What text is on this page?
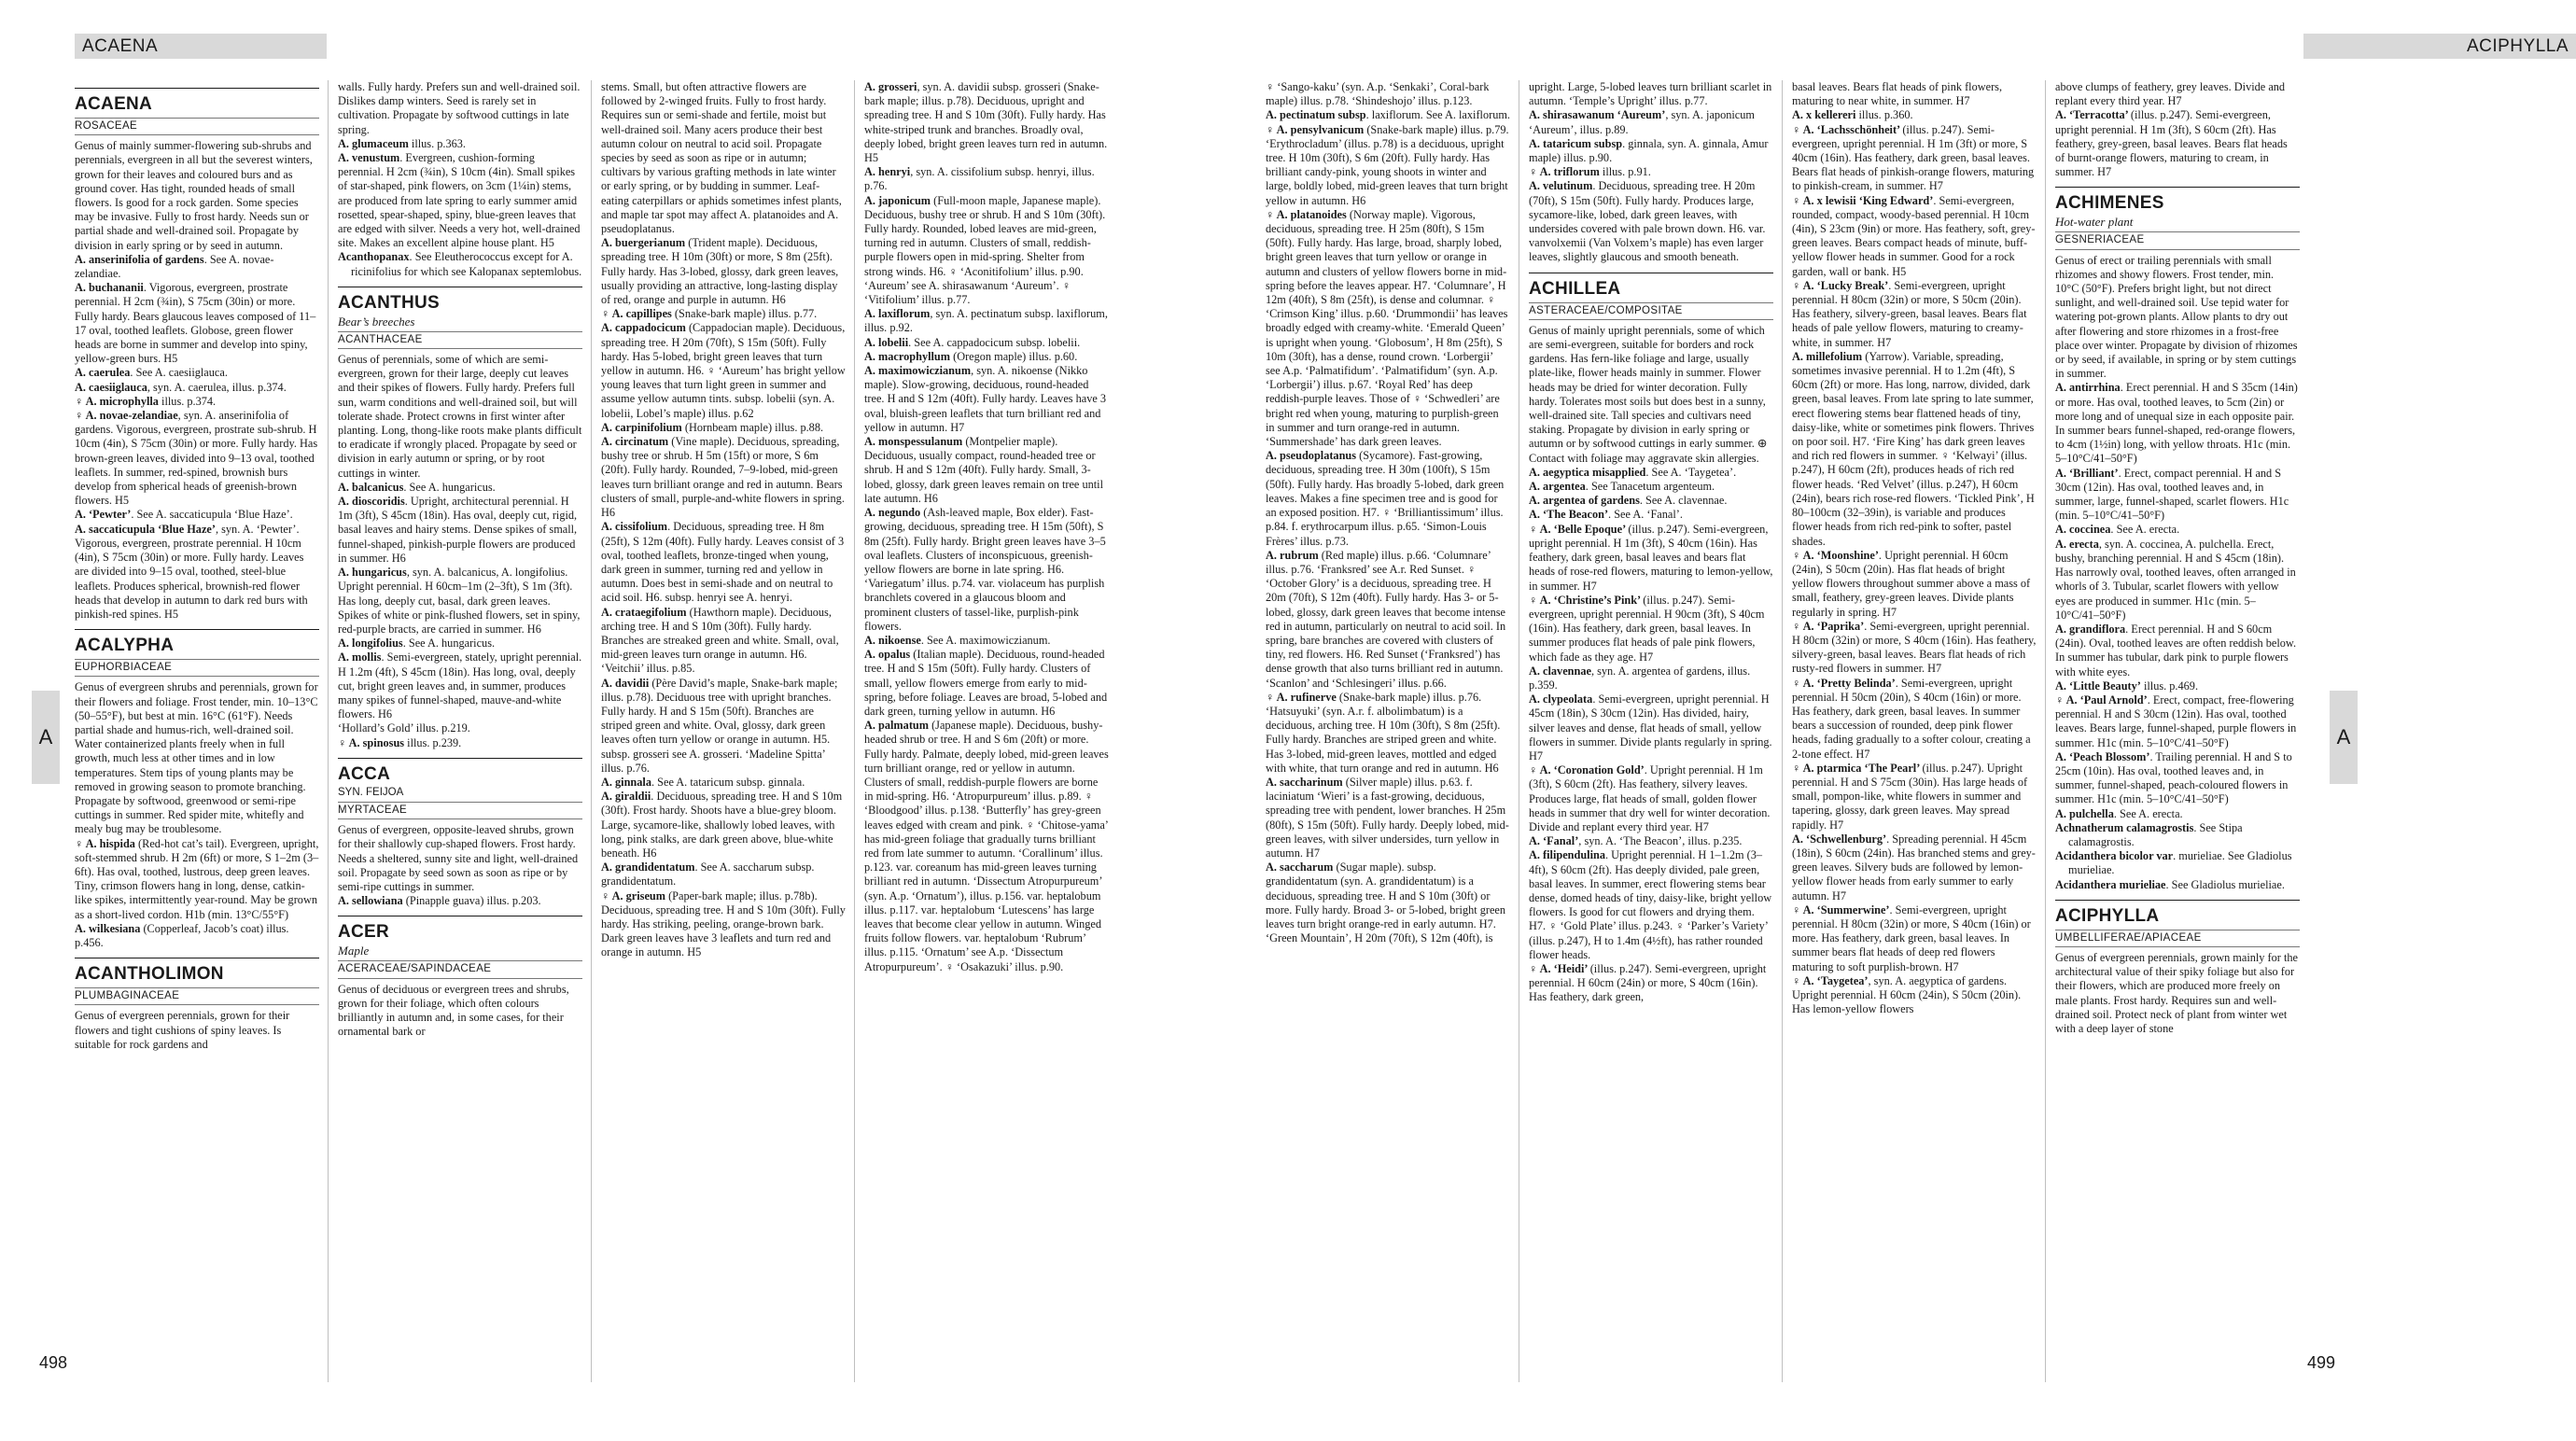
ACAENA
A
498
ACAENA
ROSACEAE

Genus of mainly summer-flowering sub-shrubs and perennials, evergreen in all but the severest winters, grown for their leaves and coloured burs and as ground cover. Has tight, rounded heads of small flowers. Is good for a rock garden. Some species may be invasive. Fully to frost hardy. Needs sun or partial shade and well-drained soil. Propagate by division in early spring or by seed in autumn.

A. anserinifolia of gardens. See A. novae-zelandiae.

A. buchananii. Vigorous, evergreen, prostrate perennial. H 2cm (¾in), S 75cm (30in) or more. Fully hardy. Bears glaucous leaves composed of 11–17 oval, toothed leaflets. Globose, green flower heads are borne in summer and develop into spiny, yellow-green burs. H5

A. caerulea. See A. caesiiglauca.

A. caesiiglauca, syn. A. caerulea, illus. p.374.

♀ A. microphylla illus. p.374.

♀ A. novae-zelandiae, syn. A. anserinifolia of gardens. Vigorous, evergreen, prostrate sub-shrub. H 10cm (4in), S 75cm (30in) or more. Fully hardy. Has brown-green leaves, divided into 9–13 oval, toothed leaflets. In summer, red-spined, brownish burs develop from spherical heads of greenish-brown flowers. H5

A. ‘Pewter’. See A. saccaticupula ‘Blue Haze’.

A. saccaticupula ‘Blue Haze’, syn. A. ‘Pewter’. Vigorous, evergreen, prostrate perennial. H 10cm (4in), S 75cm (30in) or more. Fully hardy. Leaves are divided into 9–15 oval, toothed, steel-blue leaflets. Produces spherical, brownish-red flower heads that develop in autumn to dark red burs with pinkish-red spines. H5

ACALYPHA
EUPHORBIACEAE

Genus of evergreen shrubs and perennials, grown for their flowers and foliage. Frost tender, min. 10–13°C (50–55°F), but best at min. 16°C (61°F). Needs partial shade and humus-rich, well-drained soil. Water containerized plants freely when in full growth, much less at other times and in low temperatures. Stem tips of young plants may be removed in growing season to promote branching. Propagate by softwood, greenwood or semi-ripe cuttings in summer. Red spider mite, whitefly and mealy bug may be troublesome.

♀ A. hispida (Red-hot cat’s tail). Evergreen, upright, soft-stemmed shrub. H 2m (6ft) or more, S 1–2m (3–6ft). Has oval, toothed, lustrous, deep green leaves. Tiny, crimson flowers hang in long, dense, catkin-like spikes, intermittently year-round. May be grown as a short-lived cordon. H1b (min. 13°C/55°F)

A. wilkesiana (Copperleaf, Jacob’s coat) illus. p.456.

ACANTHOLIMON
PLUMBAGINACEAE

Genus of evergreen perennials, grown for their flowers and tight cushions of spiny leaves. Is suitable for rock gardens and

walls. Fully hardy. Prefers sun and well-drained soil. Dislikes damp winters. Seed is rarely set in cultivation. Propagate by softwood cuttings in late spring.

A. glumaceum illus. p.363.

A. venustum. Evergreen, cushion-forming perennial. H 2cm (¾in), S 10cm (4in). Small spikes of star-shaped, pink flowers, on 3cm (1¼in) stems, are produced from late spring to early summer amid rosetted, spear-shaped, spiny, blue-green leaves that are edged with silver. Needs a very hot, well-drained site. Makes an excellent alpine house plant. H5

Acanthopanax. See Eleutherococcus except for A. ricinifolius for which see Kalopanax septemlobus.

ACANTHUS
Bear’s breeches
ACANTHACEAE

Genus of perennials, some of which are semi-evergreen, grown for their large, deeply cut leaves and their spikes of flowers. Fully hardy. Prefers full sun, warm conditions and well-drained soil, but will tolerate shade. Protect crowns in first winter after planting. Long, thong-like roots make plants difficult to eradicate if wrongly placed. Propagate by seed or division in early autumn or spring, or by root cuttings in winter.

A. balcanicus. See A. hungaricus.

A. dioscoridis. Upright, architectural perennial. H 1m (3ft), S 45cm (18in). Has oval, deeply cut, rigid, basal leaves and hairy stems. Dense spikes of small, funnel-shaped, pinkish-purple flowers are produced in summer. H6

A. hungaricus, syn. A. balcanicus, A. longifolius. Upright perennial. H 60cm–1m (2–3ft), S 1m (3ft). Has long, deeply cut, basal, dark green leaves. Spikes of white or pink-flushed flowers, set in spiny, red-purple bracts, are carried in summer. H6

A. longifolius. See A. hungaricus.

A. mollis. Semi-evergreen, stately, upright perennial. H 1.2m (4ft), S 45cm (18in). Has long, oval, deeply cut, bright green leaves and, in summer, produces many spikes of funnel-shaped, mauve-and-white flowers. H6

‘Hollard’s Gold’ illus. p.219.

♀ A. spinosus illus. p.239.

ACCA
SYN. FEIJOA
MYRTACEAE

Genus of evergreen, opposite-leaved shrubs, grown for their shallowly cup-shaped flowers. Frost hardy. Needs a sheltered, sunny site and light, well-drained soil. Propagate by seed sown as soon as ripe or by semi-ripe cuttings in summer.

A. sellowiana (Pinapple guava) illus. p.203.

ACER
Maple
ACERACEAE/SAPINDACEAE

Genus of deciduous or evergreen trees and shrubs, grown for their foliage, which often colours brilliantly in autumn and, in some cases, for their ornamental bark or

stems. Small, but often attractive flowers are followed by 2-winged fruits. Fully to frost hardy. Requires sun or semi-shade and fertile, moist but well-drained soil. Many acers produce their best autumn colour on neutral to acid soil. Propagate species by seed as soon as ripe or in autumn; cultivars by various grafting methods in late winter or early spring, or by budding in summer. Leaf-eating caterpillars or aphids sometimes infest plants, and maple tar spot may affect A. platanoides and A. pseudoplatanus.

A. buergerianum (Trident maple). Deciduous, spreading tree. H 10m (30ft) or more, S 8m (25ft). Fully hardy. Has 3-lobed, glossy, dark green leaves, usually providing an attractive, long-lasting display of red, orange and purple in autumn. H6

♀ A. capillipes (Snake-bark maple) illus. p.77.

A. cappadocicum (Cappadocian maple). Deciduous, spreading tree. H 20m (70ft), S 15m (50ft). Fully hardy. Has 5-lobed, bright green leaves that turn yellow in autumn. H6. ♀ ‘Aureum’ has bright yellow young leaves that turn light green in summer and assume yellow autumn tints. subsp. lobelii (syn. A. lobelii, Lobel’s maple) illus. p.62

A. carpinifolium (Hornbeam maple) illus. p.88.

A. circinatum (Vine maple). Deciduous, spreading, bushy tree or shrub. H 5m (15ft) or more, S 6m (20ft). Fully hardy. Rounded, 7–9-lobed, mid-green leaves turn brilliant orange and red in autumn. Bears clusters of small, purple-and-white flowers in spring. H6

A. cissifolium. Deciduous, spreading tree. H 8m (25ft), S 12m (40ft). Fully hardy. Leaves consist of 3 oval, toothed leaflets, bronze-tinged when young, dark green in summer, turning red and yellow in autumn. Does best in semi-shade and on neutral to acid soil. H6. subsp. henryi see A. henryi.

A. crataegifolium (Hawthorn maple). Deciduous, arching tree. H and S 10m (30ft). Fully hardy. Branches are streaked green and white. Small, oval, mid-green leaves turn orange in autumn. H6. ‘Veitchii’ illus. p.85.

A. davidii (Père David’s maple, Snake-bark maple; illus. p.78). Deciduous tree with upright branches. Fully hardy. H and S 15m (50ft). Branches are striped green and white. Oval, glossy, dark green leaves often turn yellow or orange in autumn. H5. subsp. grosseri see A. grosseri. ‘Madeline Spitta’ illus. p.76.

A. ginnala. See A. tataricum subsp. ginnala.

A. giraldii. Deciduous, spreading tree. H and S 10m (30ft). Frost hardy. Shoots have a blue-grey bloom. Large, sycamore-like, shallowly lobed leaves, with long, pink stalks, are dark green above, blue-white beneath. H6

A. grandidentatum. See A. saccharum subsp. grandidentatum.

♀ A. griseum (Paper-bark maple; illus. p.78b). Deciduous, spreading tree. H and S 10m (30ft). Fully hardy. Has striking, peeling, orange-brown bark. Dark green leaves have 3 leaflets and turn red and orange in autumn. H5

A. grosseri, syn. A. davidii subsp. grosseri (Snake-bark maple; illus. p.78). Deciduous, upright and spreading tree. H and S 10m (30ft). Fully hardy. Has white-striped trunk and branches. Broadly oval, deeply lobed, bright green leaves turn red in autumn. H5

A. henryi, syn. A. cissifolium subsp. henryi, illus. p.76.

A. japonicum (Full-moon maple, Japanese maple). Deciduous, bushy tree or shrub. H and S 10m (30ft). Fully hardy. Rounded, lobed leaves are mid-green, turning red in autumn. Clusters of small, reddish-purple flowers open in mid-spring. Shelter from strong winds. H6. ♀ ‘Aconitifolium’ illus. p.90. ‘Aureum’ see A. shirasawanum ‘Aureum’. ♀ ‘Vitifolium’ illus. p.77.

A. laxiflorum, syn. A. pectinatum subsp. laxiflorum, illus. p.92.

A. lobelii. See A. cappadocicum subsp. lobelii.

A. macrophyllum (Oregon maple) illus. p.60.

A. maximowiczianum, syn. A. nikoense (Nikko maple). Slow-growing, deciduous, round-headed tree. H and S 12m (40ft). Fully hardy. Leaves have 3 oval, bluish-green leaflets that turn brilliant red and yellow in autumn. H7

A. monspessulanum (Montpelier maple). Deciduous, usually compact, round-headed tree or shrub. H and S 12m (40ft). Fully hardy. Small, 3-lobed, glossy, dark green leaves remain on tree until late autumn. H6

A. negundo (Ash-leaved maple, Box elder). Fast-growing, deciduous, spreading tree. H 15m (50ft), S 8m (25ft). Fully hardy. Bright green leaves have 3–5 oval leaflets. Clusters of inconspicuous, greenish-yellow flowers are borne in late spring. H6. ‘Variegatum’ illus. p.74. var. violaceum has purplish branchlets covered in a glaucous bloom and prominent clusters of tassel-like, purplish-pink flowers.

A. nikoense. See A. maximowiczianum.

A. opalus (Italian maple). Deciduous, round-headed tree. H and S 15m (50ft). Fully hardy. Clusters of small, yellow flowers emerge from early to mid-spring, before foliage. Leaves are broad, 5-lobed and dark green, turning yellow in autumn. H6

A. palmatum (Japanese maple). Deciduous, bushy-headed shrub or tree. H and S 6m (20ft) or more. Fully hardy. Palmate, deeply lobed, mid-green leaves turn brilliant orange, red or yellow in autumn. Clusters of small, reddish-purple flowers are borne in mid-spring. H6. ‘Atropurpureum’ illus. p.89. ♀ ‘Bloodgood’ illus. p.138. ‘Butterfly’ has grey-green leaves edged with cream and pink. ♀ ‘Chitose-yama’ has mid-green foliage that gradually turns brilliant red from late summer to autumn. ‘Corallinum’ illus. p.123. var. coreanum has mid-green leaves turning brilliant red in autumn. ‘Dissectum Atropurpureum’ (syn. A.p. ‘Ornatum’), illus. p.156. var. heptalobum illus. p.117. var. heptalobum ‘Lutescens’ has large leaves that become clear yellow in autumn. Winged fruits follow flowers. var. heptalobum ‘Rubrum’ illus. p.115. ‘Ornatum’ see A.p. ‘Dissectum Atropurpureum’. ♀ ‘Osakazuki’ illus. p.90.

ACIPHYLLA
A
499

♀ ‘Sango-kaku’ (syn. A.p. ‘Senkaki’, Coral-bark maple) illus. p.78. ‘Shindeshojo’ illus. p.123.

A. pectinatum subsp. laxiflorum. See A. laxiflorum.

♀ A. pensylvanicum (Snake-bark maple) illus. p.79. ‘Erythrocladum’ (illus. p.78) is a deciduous, upright tree. H 10m (30ft), S 6m (20ft). Fully hardy. Has brilliant candy-pink, young shoots in winter and large, boldly lobed, mid-green leaves that turn bright yellow in autumn. H6

♀ A. platanoides (Norway maple). Vigorous, deciduous, spreading tree. H 25m (80ft), S 15m (50ft). Fully hardy. Has large, broad, sharply lobed, bright green leaves that turn yellow or orange in autumn and clusters of yellow flowers borne in mid-spring before the leaves appear. H7. ‘Columnare’, H 12m (40ft), S 8m (25ft), is dense and columnar. ♀ ‘Crimson King’ illus. p.60. ‘Drummondii’ has leaves broadly edged with creamy-white. ‘Emerald Queen’ is upright when young. ‘Globosum’, H 8m (25ft), S 10m (30ft), has a dense, round crown. ‘Lorbergii’ see A.p. ‘Palmatifidum’. ‘Palmatifidum’ (syn. A.p. ‘Lorbergii’) illus. p.67. ‘Royal Red’ has deep reddish-purple leaves. Those of ♀ ‘Schwedleri’ are bright red when young, maturing to purplish-green in summer and turn orange-red in autumn. ‘Summershade’ has dark green leaves.

A. pseudoplatanus (Sycamore). Fast-growing, deciduous, spreading tree. H 30m (100ft), S 15m (50ft). Fully hardy. Has broadly 5-lobed, dark green leaves. Makes a fine specimen tree and is good for an exposed position. H7. ♀ ‘Brilliantissimum’ illus. p.84. f. erythrocarpum illus. p.65. ‘Simon-Louis Frères’ illus. p.73.

A. rubrum (Red maple) illus. p.66. ‘Columnare’ illus. p.76. ‘Franksred’ see A.r. Red Sunset. ♀ ‘October Glory’ is a deciduous, spreading tree. H 20m (70ft), S 12m (40ft). Fully hardy. Has 3- or 5-lobed, glossy, dark green leaves that become intense red in autumn, particularly on neutral to acid soil. In spring, bare branches are covered with clusters of tiny, red flowers. H6. Red Sunset (‘Franksred’) has dense growth that also turns brilliant red in autumn. ‘Scanlon’ and ‘Schlesingeri’ illus. p.66.

♀ A. rufinerve (Snake-bark maple) illus. p.76. ‘Hatsuyuki’ (syn. A.r. f. albolimbatum) is a deciduous, arching tree. H 10m (30ft), S 8m (25ft). Fully hardy. Branches are striped green and white. Has 3-lobed, mid-green leaves, mottled and edged with white, that turn orange and red in autumn. H6

A. saccharinum (Silver maple) illus. p.63. f. laciniatum ‘Wieri’ is a fast-growing, deciduous, spreading tree with pendent, lower branches. H 25m (80ft), S 15m (50ft). Fully hardy. Deeply lobed, mid-green leaves, with silver undersides, turn yellow in autumn. H7

A. saccharum (Sugar maple). subsp. grandidentatum (syn. A. grandidentatum) is a deciduous, spreading tree. H and S 10m (30ft) or more. Fully hardy. Broad 3- or 5-lobed, bright green leaves turn bright orange-red in early autumn. H7. ‘Green Mountain’, H 20m (70ft), S 12m (40ft), is

upright. Large, 5-lobed leaves turn brilliant scarlet in autumn. ‘Temple’s Upright’ illus. p.77.

A. shirasawanum ‘Aureum’, syn. A. japonicum ‘Aureum’, illus. p.89.

A. tataricum subsp. ginnala, syn. A. ginnala, Amur maple) illus. p.90.

♀ A. triflorum illus. p.91.

A. velutinum. Deciduous, spreading tree. H 20m (70ft), S 15m (50ft). Fully hardy. Produces large, sycamore-like, lobed, dark green leaves, with undersides covered with pale brown down. H6. var. vanvolxemii (Van Volxem’s maple) has even larger leaves, slightly glaucous and smooth beneath.

ACHILLEA
ASTERACEAE/COMPOSITAE

Genus of mainly upright perennials, some of which are semi-evergreen, suitable for borders and rock gardens. Has fern-like foliage and large, usually plate-like, flower heads mainly in summer. Flower heads may be dried for winter decoration. Fully hardy. Tolerates most soils but does best in a sunny, well-drained site. Tall species and cultivars need staking. Propagate by division in early spring or autumn or by softwood cuttings in early summer. ⊕ Contact with foliage may aggravate skin allergies.

A. aegyptica misapplied. See A. ‘Taygetea’.

A. argentea. See Tanacetum argenteum.

A. argentea of gardens. See A. clavennae.

A. ‘The Beacon’. See A. ‘Fanal’.

♀ A. ‘Belle Epoque’ (illus. p.247). Semi-evergreen, upright perennial. H 1m (3ft), S 40cm (16in). Has feathery, dark green, basal leaves and bears flat heads of rose-red flowers, maturing to lemon-yellow, in summer. H7

♀ A. ‘Christine’s Pink’ (illus. p.247). Semi-evergreen, upright perennial. H 90cm (3ft), S 40cm (16in). Has feathery, dark green, basal leaves. In summer produces flat heads of pale pink flowers, which fade as they age. H7

A. clavennae, syn. A. argentea of gardens, illus. p.359.

A. clypeolata. Semi-evergreen, upright perennial. H 45cm (18in), S 30cm (12in). Has divided, hairy, silver leaves and dense, flat heads of small, yellow flowers in summer. Divide plants regularly in spring. H7

♀ A. ‘Coronation Gold’. Upright perennial. H 1m (3ft), S 60cm (2ft). Has feathery, silvery leaves. Produces large, flat heads of small, golden flower heads in summer that dry well for winter decoration. Divide and replant every third year. H7

A. ‘Fanal’, syn. A. ‘The Beacon’, illus. p.235.

A. filipendulina. Upright perennial. H 1–1.2m (3–4ft), S 60cm (2ft). Has deeply divided, pale green, basal leaves. In summer, erect flowering stems bear dense, domed heads of tiny, daisy-like, bright yellow flowers. Is good for cut flowers and drying them. H7. ♀ ‘Gold Plate’ illus. p.243. ♀ ‘Parker’s Variety’ (illus. p.247), H to 1.4m (4½ft), has rather rounded flower heads.

♀ A. ‘Heidi’ (illus. p.247). Semi-evergreen, upright perennial. H 60cm (24in) or more, S 40cm (16in). Has feathery, dark green,

basal leaves. Bears flat heads of pink flowers, maturing to near white, in summer. H7

A. x kellereri illus. p.360.

♀ A. ‘Lachsschönheit’ (illus. p.247). Semi-evergreen, upright perennial. H 1m (3ft) or more, S 40cm (16in). Has feathery, dark green, basal leaves. Bears flat heads of pinkish-orange flowers, maturing to pinkish-cream, in summer. H7

♀ A. x lewisii ‘King Edward’. Semi-evergreen, rounded, compact, woody-based perennial. H 10cm (4in), S 23cm (9in) or more. Has feathery, soft, grey-green leaves. Bears compact heads of minute, buff-yellow flower heads in summer. Good for a rock garden, wall or bank. H5

♀ A. ‘Lucky Break’. Semi-evergreen, upright perennial. H 80cm (32in) or more, S 50cm (20in). Has feathery, silvery-green, basal leaves. Bears flat heads of pale yellow flowers, maturing to creamy-white, in summer. H7

A. millefolium (Yarrow). Variable, spreading, sometimes invasive perennial. H to 1.2m (4ft), S 60cm (2ft) or more. Has long, narrow, divided, dark green, basal leaves. From late spring to late summer, erect flowering stems bear flattened heads of tiny, daisy-like, white or sometimes pink flowers. Thrives on poor soil. H7. ‘Fire King’ has dark green leaves and rich red flowers in summer. ♀ ‘Kelwayi’ (illus. p.247), H 60cm (2ft), produces heads of rich red flower heads. ‘Red Velvet’ (illus. p.247), H 60cm (24in), bears rich rose-red flowers. ‘Tickled Pink’, H 80–100cm (32–39in), is variable and produces flower heads from rich red-pink to softer, pastel shades.

♀ A. ‘Moonshine’. Upright perennial. H 60cm (24in), S 50cm (20in). Has flat heads of bright yellow flowers throughout summer above a mass of small, feathery, grey-green leaves. Divide plants regularly in spring. H7

♀ A. ‘Paprika’. Semi-evergreen, upright perennial. H 80cm (32in) or more, S 40cm (16in). Has feathery, silvery-green, basal leaves. Bears flat heads of rich rusty-red flowers in summer. H7

♀ A. ‘Pretty Belinda’. Semi-evergreen, upright perennial. H 50cm (20in), S 40cm (16in) or more. Has feathery, dark green, basal leaves. In summer bears a succession of rounded, deep pink flower heads, fading gradually to a softer colour, creating a 2-tone effect. H7

♀ A. ptarmica ‘The Pearl’ (illus. p.247). Upright perennial. H and S 75cm (30in). Has large heads of small, pompon-like, white flowers in summer and tapering, glossy, dark green leaves. May spread rapidly. H7

A. ‘Schwellenburg’. Spreading perennial. H 45cm (18in), S 60cm (24in). Has branched stems and grey-green leaves. Silvery buds are followed by lemon-yellow flower heads from early summer to early autumn. H7

♀ A. ‘Summerwine’. Semi-evergreen, upright perennial. H 80cm (32in) or more, S 40cm (16in) or more. Has feathery, dark green, basal leaves. In summer bears flat heads of deep red flowers maturing to soft purplish-brown. H7

♀ A. ‘Taygetea’, syn. A. aegyptica of gardens. Upright perennial. H 60cm (24in), S 50cm (20in). Has lemon-yellow flowers

above clumps of feathery, grey leaves. Divide and replant every third year. H7

A. ‘Terracotta’ (illus. p.247). Semi-evergreen, upright perennial. H 1m (3ft), S 60cm (2ft). Has feathery, grey-green, basal leaves. Bears flat heads of burnt-orange flowers, maturing to cream, in summer. H7

ACHIMENES
Hot-water plant
GESNERIACEAE

Genus of erect or trailing perennials with small rhizomes and showy flowers. Frost tender, min. 10°C (50°F). Prefers bright light, but not direct sunlight, and well-drained soil. Use tepid water for watering pot-grown plants. Allow plants to dry out after flowering and store rhizomes in a frost-free place over winter. Propagate by division of rhizomes or by seed, if available, in spring or by stem cuttings in summer.

A. antirrhina. Erect perennial. H and S 35cm (14in) or more. Has oval, toothed leaves, to 5cm (2in) or more long and of unequal size in each opposite pair. In summer bears funnel-shaped, red-orange flowers, to 4cm (1½in) long, with yellow throats. H1c (min. 5–10°C/41–50°F)

A. ‘Brilliant’. Erect, compact perennial. H and S 30cm (12in). Has oval, toothed leaves and, in summer, large, funnel-shaped, scarlet flowers. H1c (min. 5–10°C/41–50°F)

A. coccinea. See A. erecta.

A. erecta, syn. A. coccinea, A. pulchella. Erect, bushy, branching perennial. H and S 45cm (18in). Has narrowly oval, toothed leaves, often arranged in whorls of 3. Tubular, scarlet flowers with yellow eyes are produced in summer. H1c (min. 5–10°C/41–50°F)

A. grandiflora. Erect perennial. H and S 60cm (24in). Oval, toothed leaves are often reddish below. In summer has tubular, dark pink to purple flowers with white eyes.

A. ‘Little Beauty’ illus. p.469.

♀ A. ‘Paul Arnold’. Erect, compact, free-flowering perennial. H and S 30cm (12in). Has oval, toothed leaves. Bears large, funnel-shaped, purple flowers in summer. H1c (min. 5–10°C/41–50°F)

A. ‘Peach Blossom’. Trailing perennial. H and S to 25cm (10in). Has oval, toothed leaves and, in summer, funnel-shaped, peach-coloured flowers in summer. H1c (min. 5–10°C/41–50°F)

A. pulchella. See A. erecta.

Achnatherum calamagrostis. See Stipa calamagrostis.

Acidanthera bicolor var. murieliae. See Gladiolus murieliae.

Acidanthera murieliae. See Gladiolus murieliae.

ACIPHYLLA
UMBELLIFERAE/APIACEAE

Genus of evergreen perennials, grown mainly for the architectural value of their spiky foliage but also for their flowers, which are produced more freely on male plants. Frost hardy. Requires sun and well-drained soil. Protect neck of plant from winter wet with a deep layer of stone
